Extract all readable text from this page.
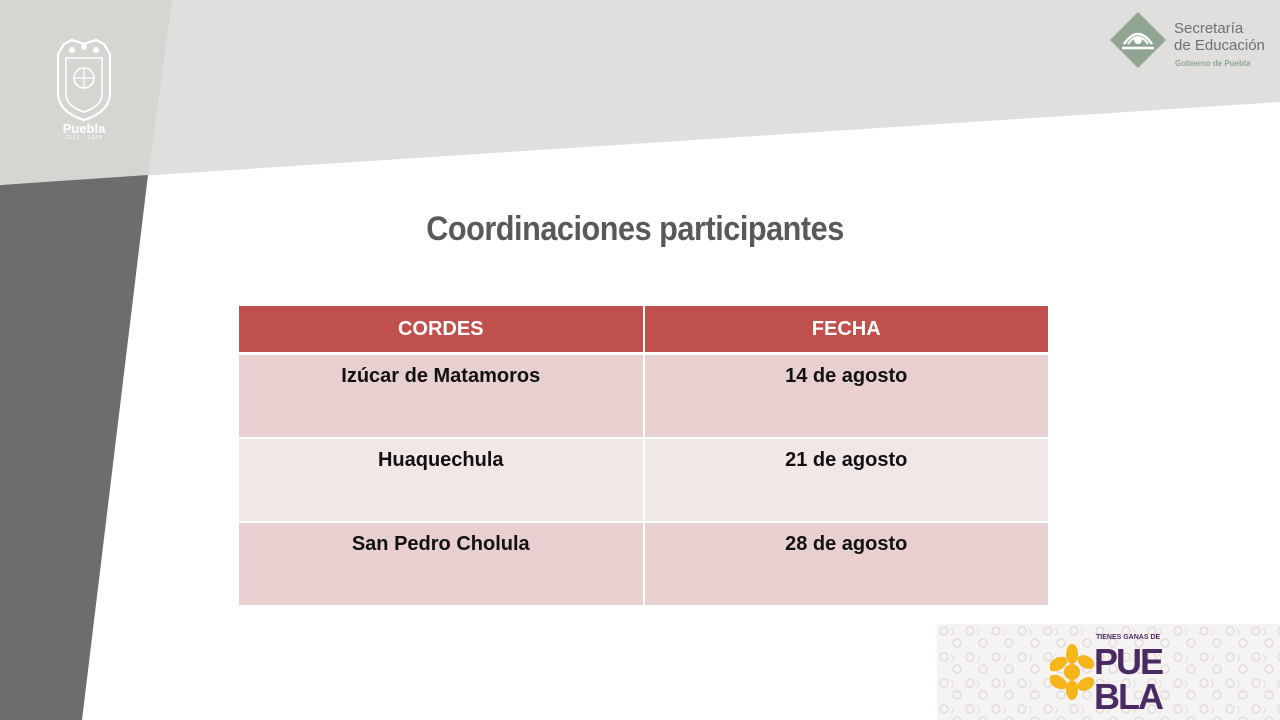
Puebla
2019 - 2024
Secretaría
de Educación
Gobierno de Puebla
Coordinaciones participantes
CORDES	FECHA
Izúcar de Matamoros	14 de agosto
Huaquechula	21 de agosto
San Pedro Cholula	28 de agosto
TIENES GANAS DE
PUE
BLA
